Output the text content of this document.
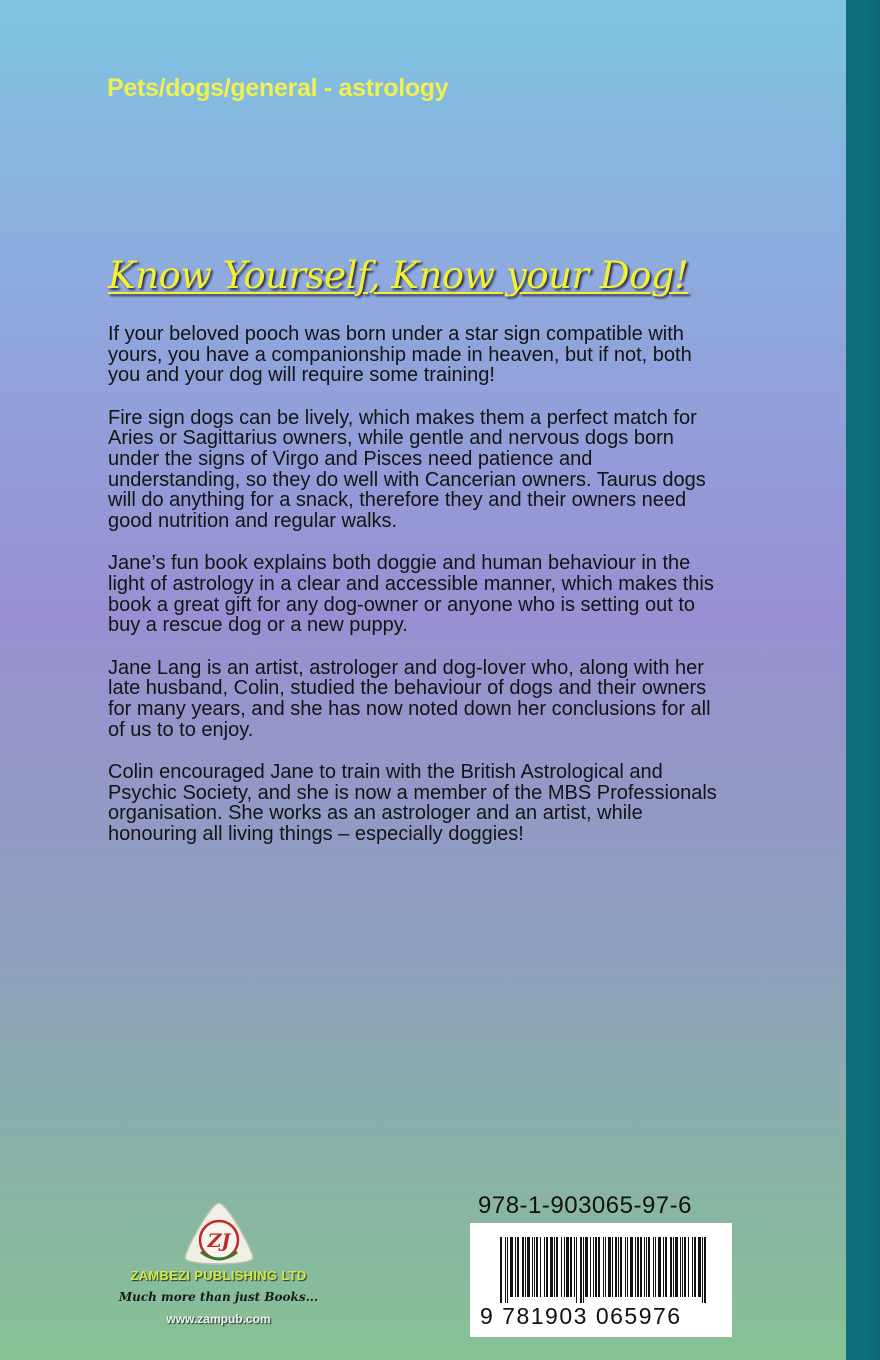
Pets/dogs/general - astrology
Know Yourself, Know your Dog!

If your beloved pooch was born under a star sign compatible with yours, you have a companionship made in heaven, but if not, both you and your dog will require some training!

Fire sign dogs can be lively, which makes them a perfect match for Aries or Sagittarius owners, while gentle and nervous dogs born under the signs of Virgo and Pisces need patience and understanding, so they do well with Cancerian owners. Taurus dogs will do anything for a snack, therefore they and their owners need good nutrition and regular walks.

Jane’s fun book explains both doggie and human behaviour in the light of astrology in a clear and accessible manner, which makes this book a great gift for any dog-owner or anyone who is setting out to buy a rescue dog or a new puppy.

Jane Lang is an artist, astrologer and dog-lover who, along with her late husband, Colin, studied the behaviour of dogs and their owners for many years, and she has now noted down her conclusions for all of us to to enjoy.

Colin encouraged Jane to train with the British Astrological and Psychic Society, and she is now a member of the MBS Professionals organisation. She works as an astrologer and an artist, while honouring all living things – especially doggies!

ZJ
ZAMBEZI PUBLISHING LTD
Much more than just Books...
www.zampub.com
978-1-903065-97-6
9 781903 065976
